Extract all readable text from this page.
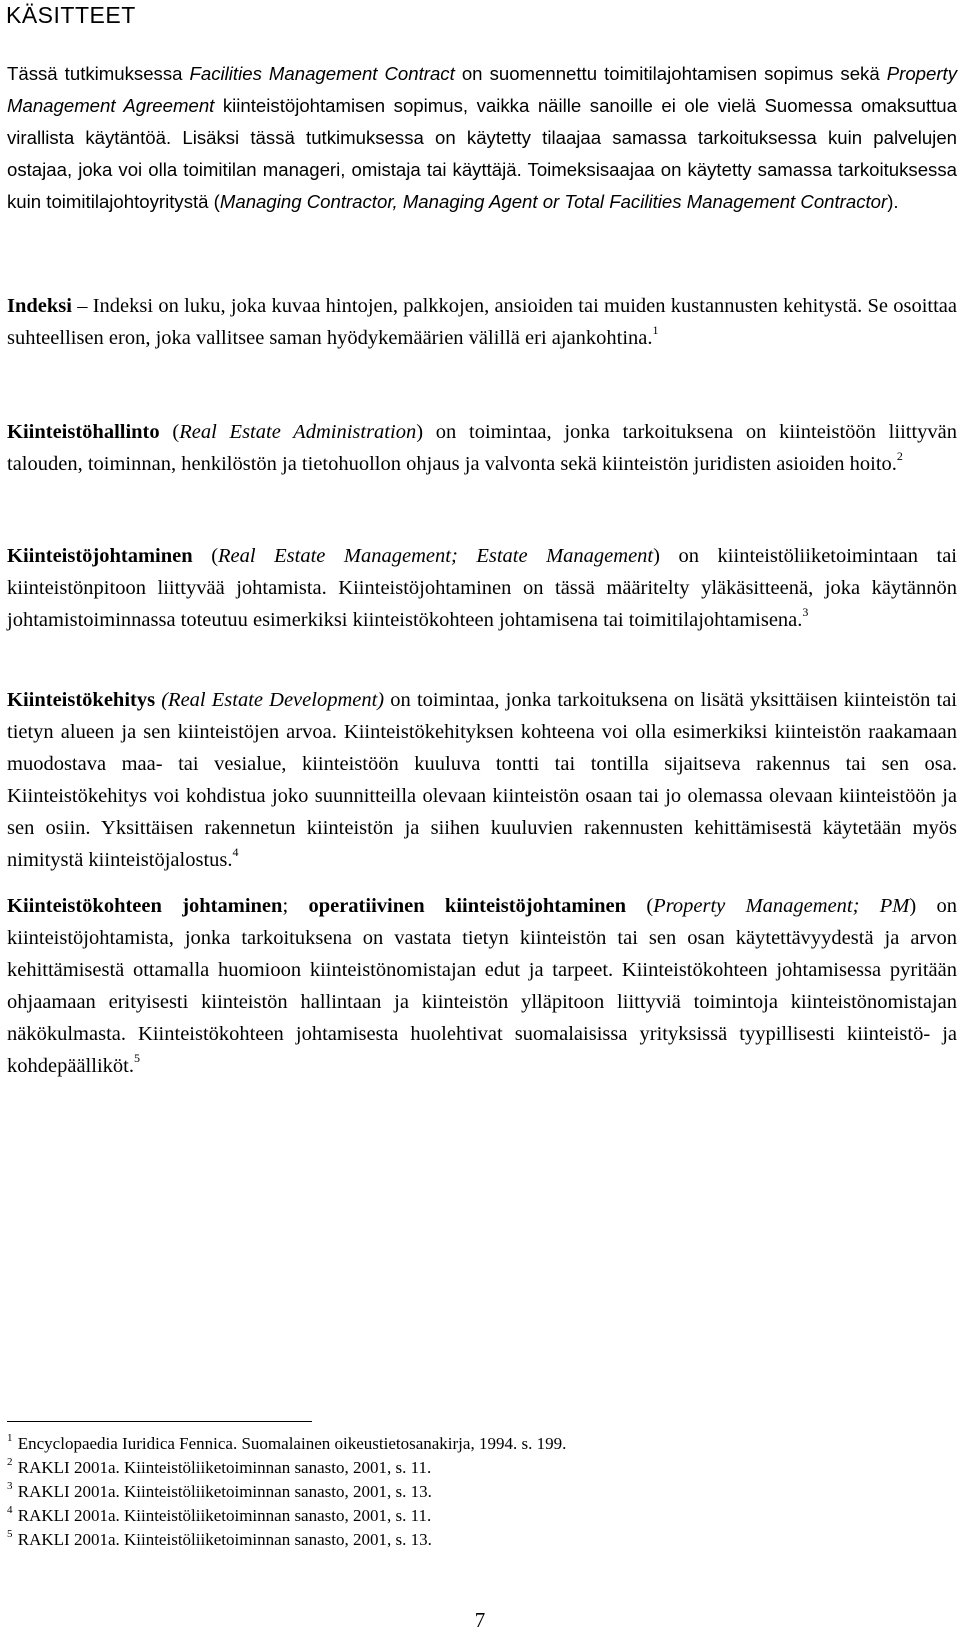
KÄSITTEET

Tässä tutkimuksessa Facilities Management Contract on suomennettu toimitilajohtamisen sopimus sekä Property Management Agreement kiinteistöjohtamisen sopimus, vaikka näille sanoille ei ole vielä Suomessa omaksuttua virallista käytäntöä. Lisäksi tässä tutkimuksessa on käytetty tilaajaa samassa tarkoituksessa kuin palvelujen ostajaa, joka voi olla toimitilan manageri, omistaja tai käyttäjä. Toimeksisaajaa on käytetty samassa tarkoituksessa kuin toimitilajohtoyritystä (Managing Contractor, Managing Agent or Total Facilities Management Contractor).

Indeksi – Indeksi on luku, joka kuvaa hintojen, palkkojen, ansioiden tai muiden kustannusten kehitystä. Se osoittaa suhteellisen eron, joka vallitsee saman hyödykemäärien välillä eri ajankohtina.$^1$

Kiinteistöhallinto (Real Estate Administration) on toimintaa, jonka tarkoituksena on kiinteistöön liittyvän talouden, toiminnan, henkilöstön ja tietohuollon ohjaus ja valvonta sekä kiinteistön juridisten asioiden hoito.$^2$

Kiinteistöjohtaminen (Real Estate Management; Estate Management) on kiinteistöliiketoimintaan tai kiinteistönpitoon liittyvää johtamista. Kiinteistöjohtaminen on tässä määritelty yläkäsitteenä, joka käytännön johtamistoiminnassa toteutuu esimerkiksi kiinteistökohteen johtamisena tai toimitilajohtamisena.$^3$

Kiinteistökehitys (Real Estate Development) on toimintaa, jonka tarkoituksena on lisätä yksittäisen kiinteistön tai tietyn alueen ja sen kiinteistöjen arvoa. Kiinteistökehityksen kohteena voi olla esimerkiksi kiinteistön raakamaan muodostava maa- tai vesialue, kiinteistöön kuuluva tontti tai tontilla sijaitseva rakennus tai sen osa. Kiinteistökehitys voi kohdistua joko suunnitteilla olevaan kiinteistön osaan tai jo olemassa olevaan kiinteistöön ja sen osiin. Yksittäisen rakennetun kiinteistön ja siihen kuuluvien rakennusten kehittämisestä käytetään myös nimitystä kiinteistöjalostus.$^4$

Kiinteistökohteen johtaminen; operatiivinen kiinteistöjohtaminen (Property Management; PM) on kiinteistöjohtamista, jonka tarkoituksena on vastata tietyn kiinteistön tai sen osan käytettävyydestä ja arvon kehittämisestä ottamalla huomioon kiinteistönomistajan edut ja tarpeet. Kiinteistökohteen johtamisessa pyritään ohjaamaan erityisesti kiinteistön hallintaan ja kiinteistön ylläpitoon liittyviä toimintoja kiinteistönomistajan näkökulmasta. Kiinteistökohteen johtamisesta huolehtivat suomalaisissa yrityksissä tyypillisesti kiinteistö- ja kohdepäälliköt.$^5$

$^1$ Encyclopaedia Iuridica Fennica. Suomalainen oikeustietosanakirja, 1994. s. 199.
$^2$ RAKLI 2001a. Kiinteistöliiketoiminnan sanasto, 2001, s. 11.
$^3$ RAKLI 2001a. Kiinteistöliiketoiminnan sanasto, 2001, s. 13.
$^4$ RAKLI 2001a. Kiinteistöliiketoiminnan sanasto, 2001, s. 11.
$^5$ RAKLI 2001a. Kiinteistöliiketoiminnan sanasto, 2001, s. 13.
7
